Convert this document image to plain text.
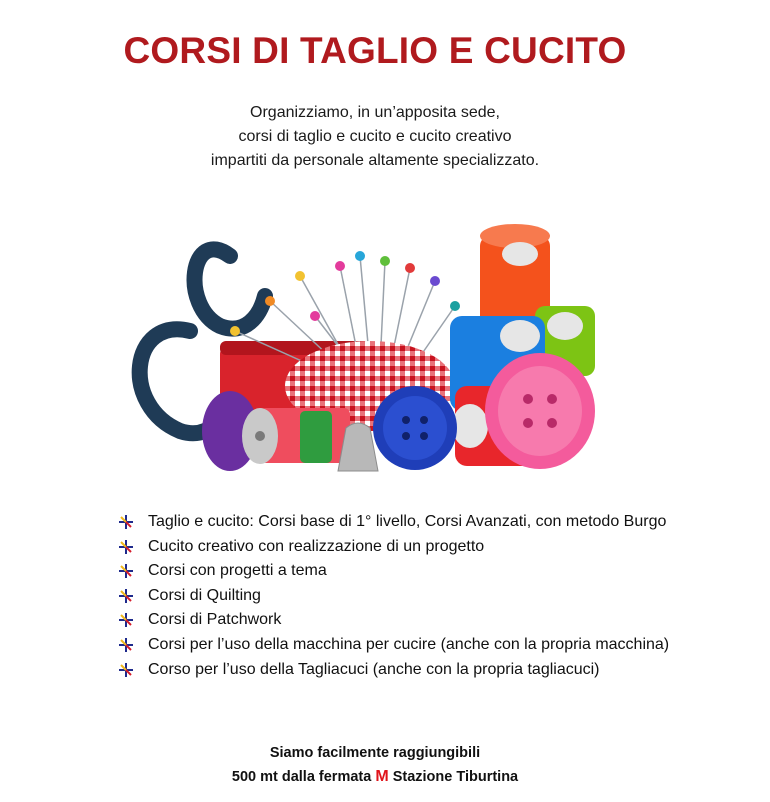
CORSI DI TAGLIO E CUCITO
Organizziamo, in un’apposita sede,
corsi di taglio e cucito e cucito creativo
impartiti da personale altamente specializzato.
Taglio e cucito: Corsi base di 1° livello, Corsi Avanzati, con metodo Burgo
Cucito creativo con realizzazione di un progetto
Corsi con progetti a tema
Corsi di Quilting
Corsi di Patchwork
Corsi per l’uso della macchina per cucire (anche con la propria macchina)
Corso per l’uso della Tagliacuci (anche con la propria tagliacuci)
Siamo facilmente raggiungibili
500 mt dalla fermata M Stazione Tiburtina
